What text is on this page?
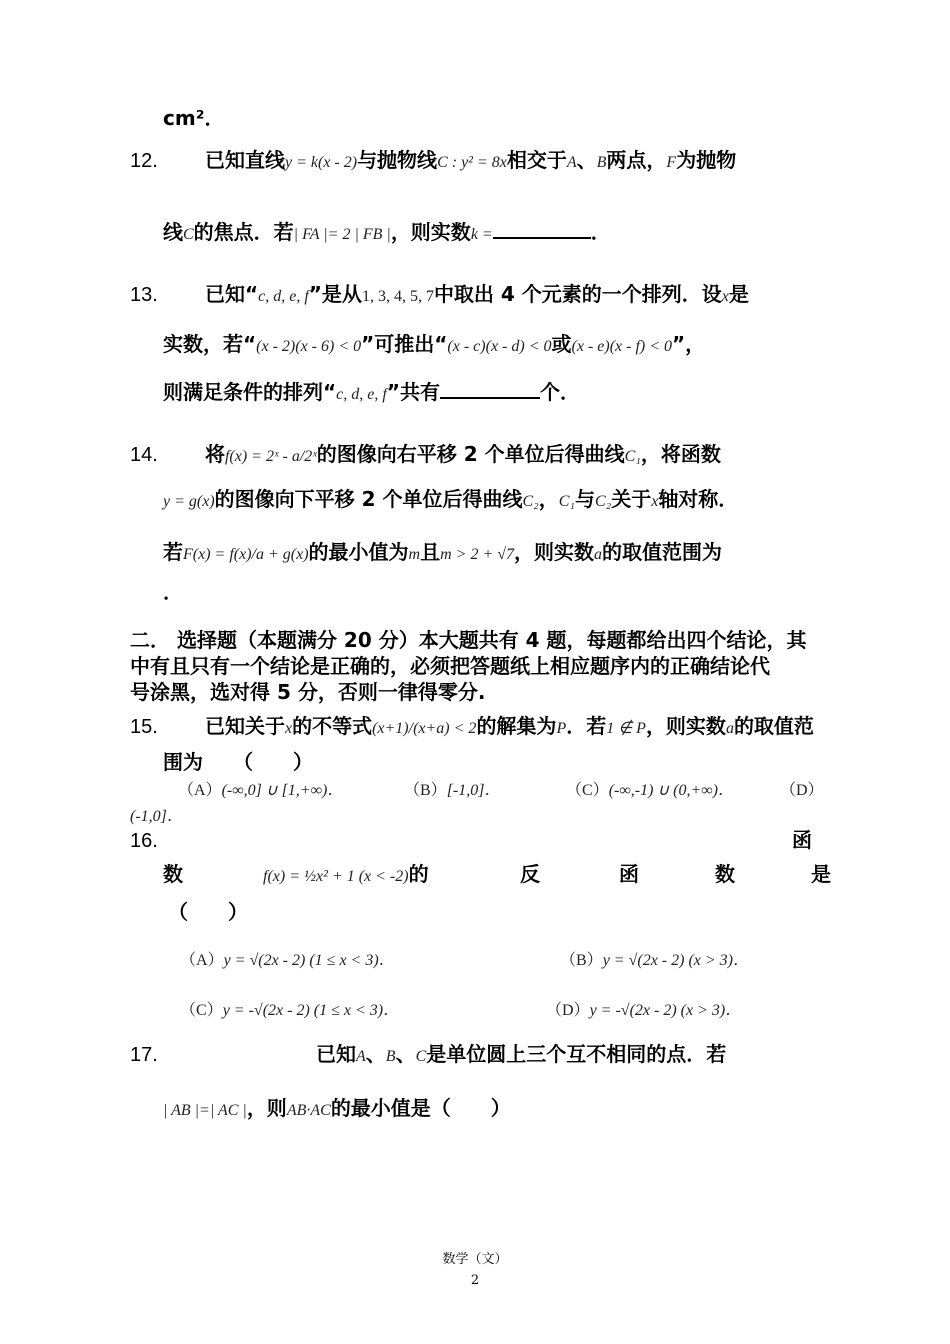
cm²．
12. 已知直线y = k(x - 2)与抛物线C : y² = 8x相交于A、B两点，F为抛物
线C的焦点．若| FA |= 2 | FB |，则实数k =	．
13. 已知“c, d, e, f”是从1, 3, 4, 5, 7中取出 4 个元素的一个排列．设x是
实数，若“(x - 2)(x - 6) < 0”可推出“(x - c)(x - d) < 0或(x - e)(x - f) < 0”，
则满足条件的排列“c, d, e, f”共有	个．
14. 将f(x) = 2ˣ - a/2ˣ的图像向右平移 2 个单位后得曲线C₁，将函数
y = g(x)的图像向下平移 2 个单位后得曲线C₂，C₁与C₂关于x轴对称．
若F(x) = f(x)/a + g(x)的最小值为m且m > 2 + √7，则实数a的取值范围为
．
二． 选择题（本题满分 20 分）本大题共有 4 题，每题都给出四个结论，其
中有且只有一个结论是正确的，必须把答题纸上相应题序内的正确结论代
号涂黑，选对得 5 分，否则一律得零分.
15. 已知关于x的不等式(x+1)/(x+a) < 2的解集为P．若1 ∉ P，则实数a的取值范
围为　　（　　）
（A）(-∞,0] ∪ [1,+∞)．	（B）[-1,0]．	（C）(-∞,-1) ∪ (0,+∞)．	（D）
(-1,0]．
16.	函
数	f(x) = ½x² + 1 (x < -2)的	反	函	数	是
（　　）
（A）y = √(2x - 2) (1 ≤ x < 3)．	（B）y = √(2x - 2) (x > 3)．
（C）y = -√(2x - 2) (1 ≤ x < 3)．	（D）y = -√(2x - 2) (x > 3)．
17.	已知A、B、C是单位圆上三个互不相同的点．若
| AB |=| AC |，则AB·AC的最小值是（　　）
数学（文）
2
